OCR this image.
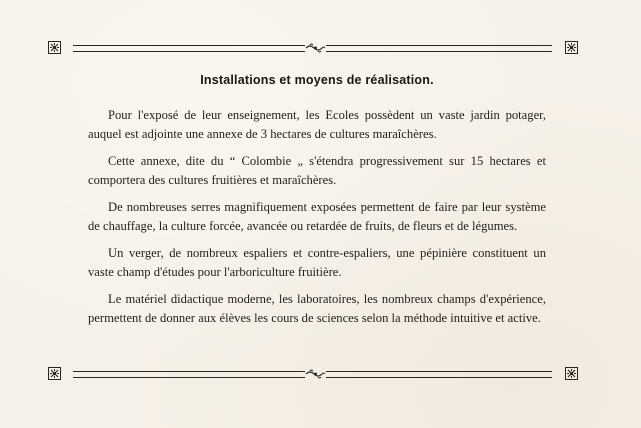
Installations et moyens de réalisation.

Pour l'exposé de leur enseignement, les Ecoles possèdent un vaste jardin potager, auquel est adjointe une annexe de 3 hectares de cultures maraîchères.

Cette annexe, dite du “ Colombie „ s'étendra progressivement sur 15 hectares et comportera des cultures fruitières et maraîchères.

De nombreuses serres magnifiquement exposées permettent de faire par leur système de chauffage, la culture forcée, avancée ou retardée de fruits, de fleurs et de légumes.

Un verger, de nombreux espaliers et contre-espaliers, une pépinière constituent un vaste champ d'études pour l'arboriculture fruitière.

Le matériel didactique moderne, les laboratoires, les nombreux champs d'expérience, permettent de donner aux élèves les cours de sciences selon la méthode intuitive et active.
